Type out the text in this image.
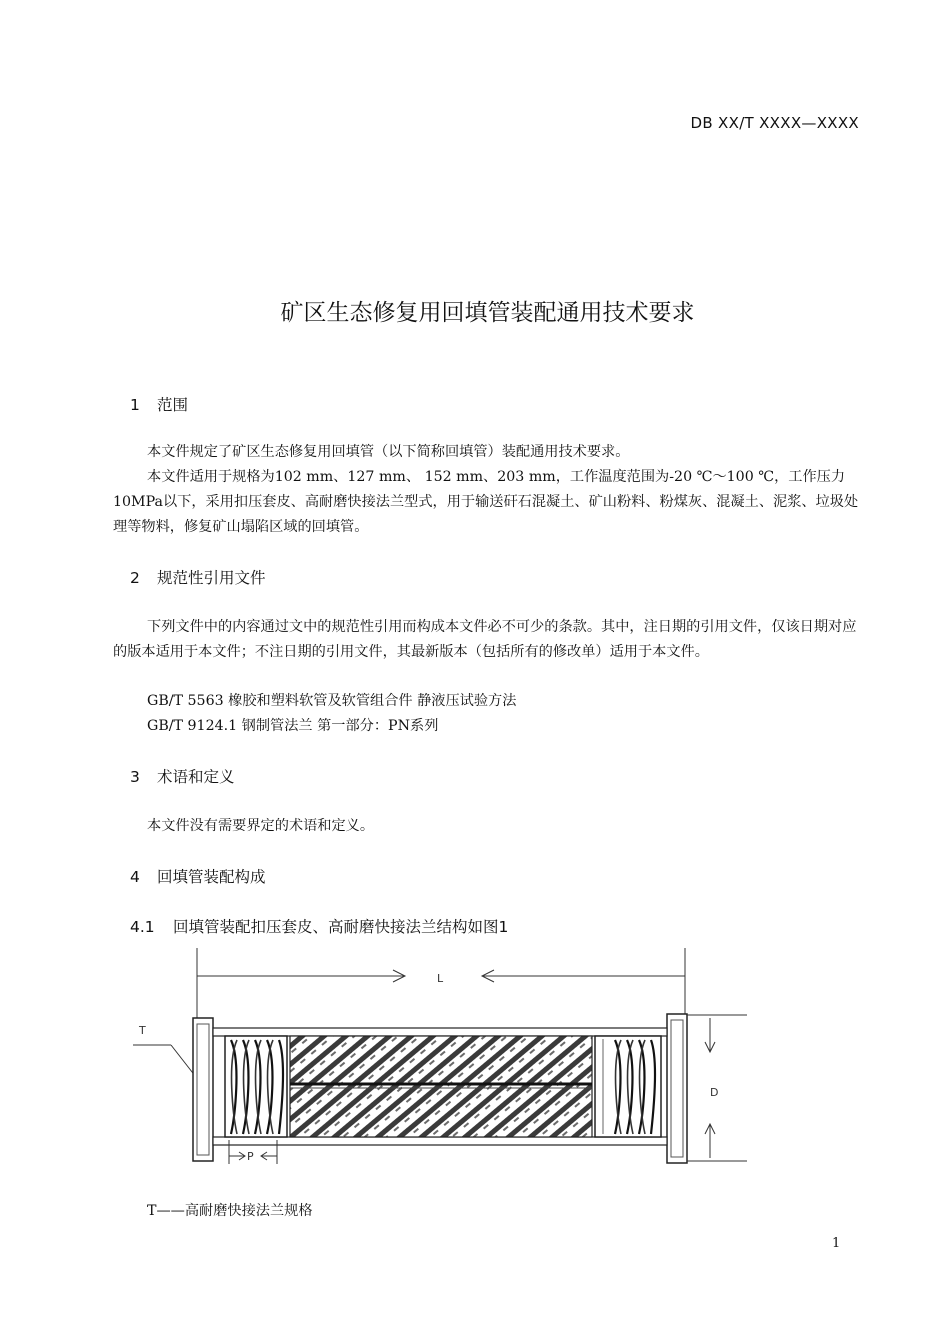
DB XX/T XXXX—XXXX
矿区生态修复用回填管装配通用技术要求
1 范围

本文件规定了矿区生态修复用回填管（以下简称回填管）装配通用技术要求。

本文件适用于规格为102 mm、127 mm、 152 mm、203 mm，工作温度范围为-20 ℃～100 ℃，工作压力10MPa以下，采用扣压套皮、高耐磨快接法兰型式，用于输送矸石混凝土、矿山粉料、粉煤灰、混凝土、泥浆、垃圾处理等物料，修复矿山塌陷区域的回填管。

2 规范性引用文件

下列文件中的内容通过文中的规范性引用而构成本文件必不可少的条款。其中，注日期的引用文件，仅该日期对应的版本适用于本文件；不注日期的引用文件，其最新版本（包括所有的修改单）适用于本文件。

GB/T 5563 橡胶和塑料软管及软管组合件 静液压试验方法
GB/T 9124.1 钢制管法兰 第一部分：PN系列
3 术语和定义

本文件没有需要界定的术语和定义。

4 回填管装配构成
4.1 回填管装配扣压套皮、高耐磨快接法兰结构如图1
L
T
D
P
T——高耐磨快接法兰规格
1
